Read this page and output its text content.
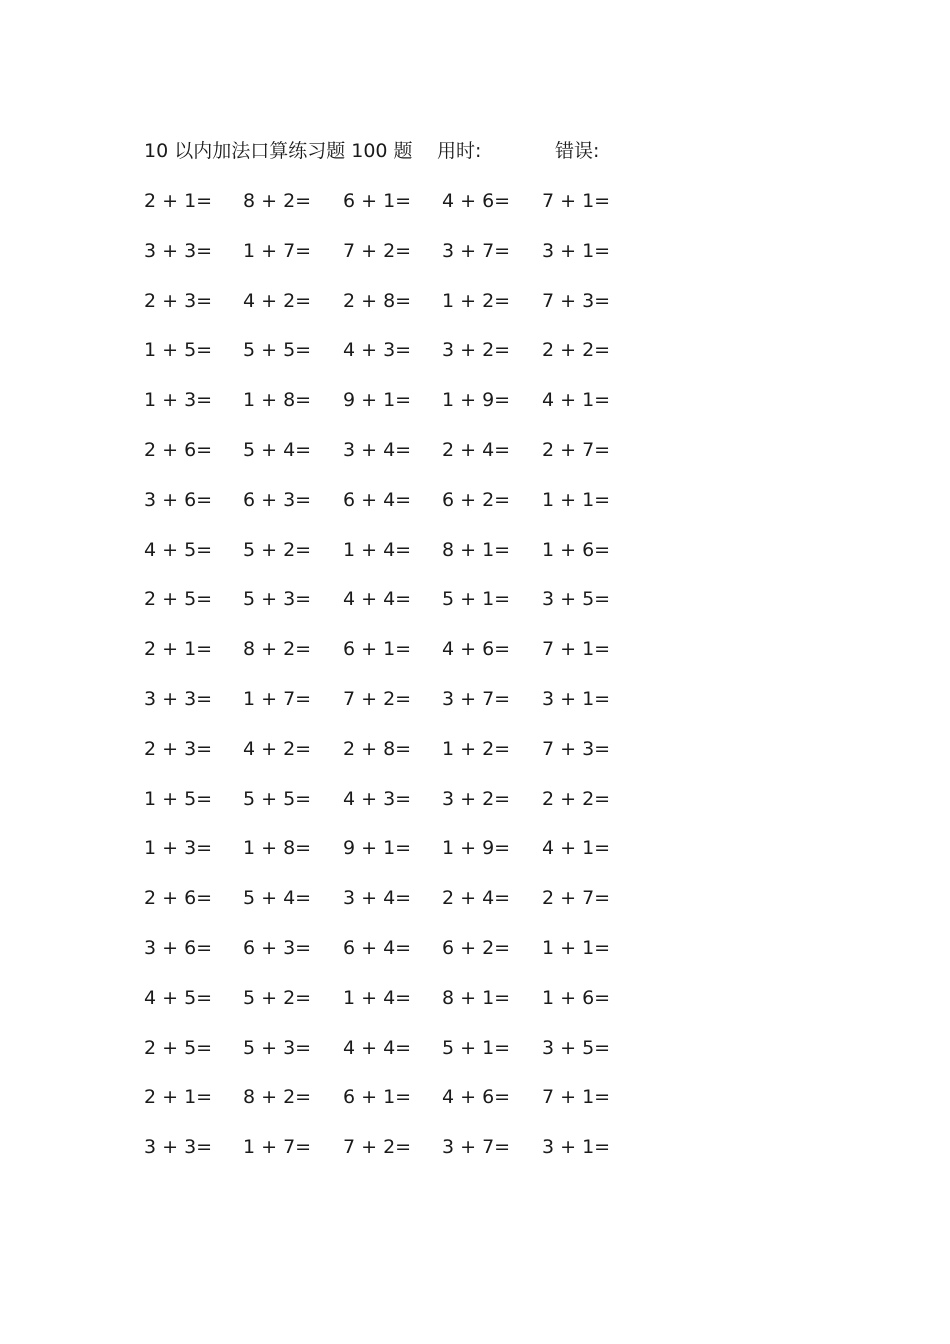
10 以内加法口算练习题 100 题 用时:	错误:
2 + 1= 8 + 2= 6 + 1= 4 + 6= 7 + 1=
3 + 3= 1 + 7= 7 + 2= 3 + 7= 3 + 1=
2 + 3= 4 + 2= 2 + 8= 1 + 2= 7 + 3=
1 + 5= 5 + 5= 4 + 3= 3 + 2= 2 + 2=
1 + 3= 1 + 8= 9 + 1= 1 + 9= 4 + 1=
2 + 6= 5 + 4= 3 + 4= 2 + 4= 2 + 7=
3 + 6= 6 + 3= 6 + 4= 6 + 2= 1 + 1=
4 + 5= 5 + 2= 1 + 4= 8 + 1= 1 + 6=
2 + 5= 5 + 3= 4 + 4= 5 + 1= 3 + 5=
2 + 1= 8 + 2= 6 + 1= 4 + 6= 7 + 1=
3 + 3= 1 + 7= 7 + 2= 3 + 7= 3 + 1=
2 + 3= 4 + 2= 2 + 8= 1 + 2= 7 + 3=
1 + 5= 5 + 5= 4 + 3= 3 + 2= 2 + 2=
1 + 3= 1 + 8= 9 + 1= 1 + 9= 4 + 1=
2 + 6= 5 + 4= 3 + 4= 2 + 4= 2 + 7=
3 + 6= 6 + 3= 6 + 4= 6 + 2= 1 + 1=
4 + 5= 5 + 2= 1 + 4= 8 + 1= 1 + 6=
2 + 5= 5 + 3= 4 + 4= 5 + 1= 3 + 5=
2 + 1= 8 + 2= 6 + 1= 4 + 6= 7 + 1=
3 + 3= 1 + 7= 7 + 2= 3 + 7= 3 + 1=
